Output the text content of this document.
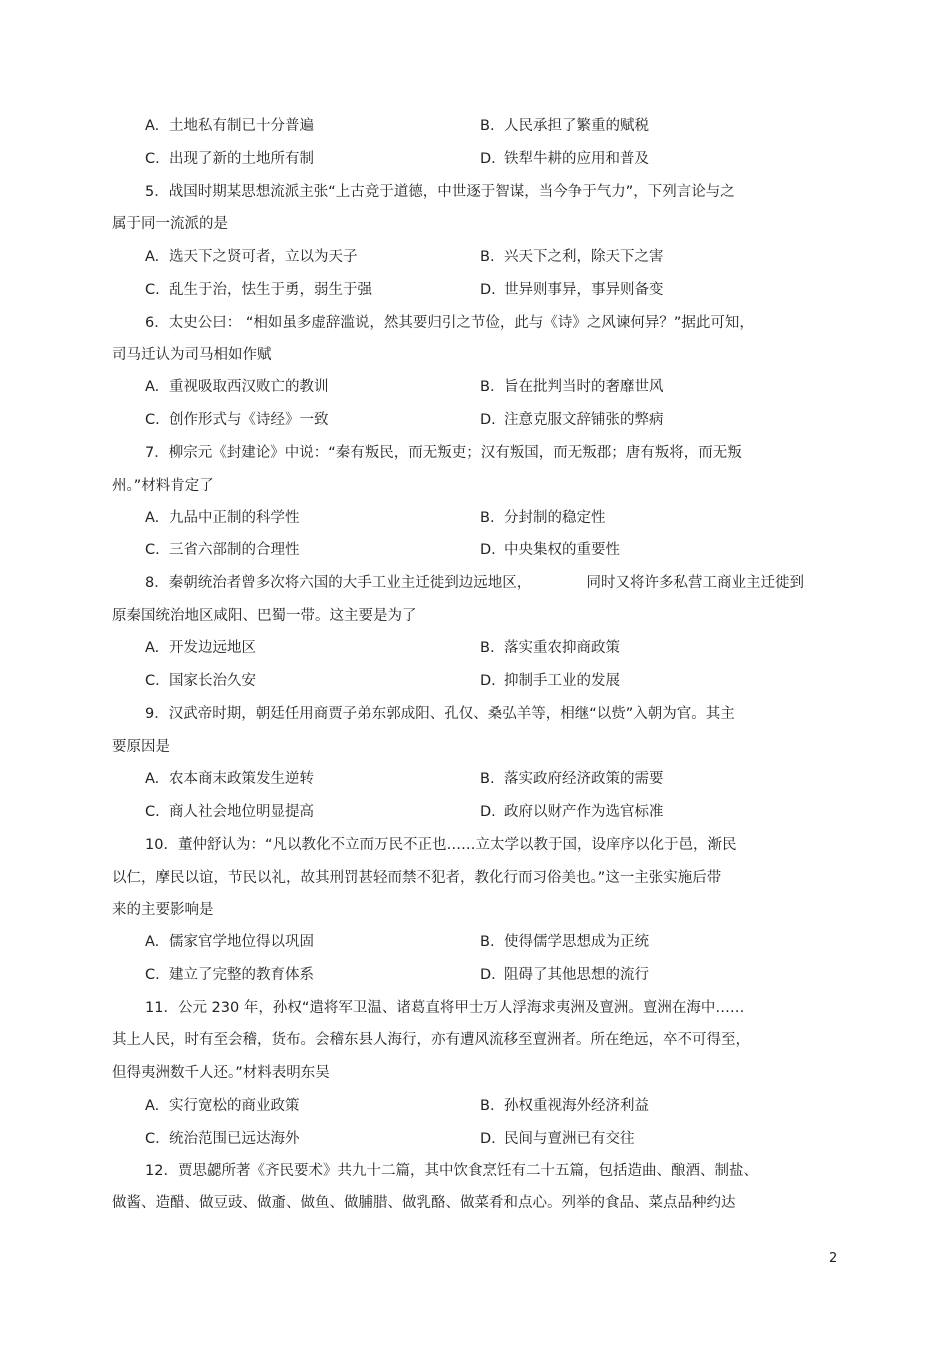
A. 土地私有制已十分普遍	B. 人民承担了繁重的赋税
C. 出现了新的土地所有制	D. 铁犁牛耕的应用和普及
5．战国时期某思想流派主张“上古竞于道德，中世逐于智谋，当今争于气力”，下列言论与之
属于同一流派的是
A. 选天下之贤可者，立以为天子	B. 兴天下之利，除天下之害
C. 乱生于治，怯生于勇，弱生于强	D. 世异则事异，事异则备变
6．太史公曰： “相如虽多虚辞滥说，然其要归引之节俭，此与《诗》之风谏何异？”据此可知，
司马迁认为司马相如作赋
A. 重视吸取西汉败亡的教训	B．旨在批判当时的奢靡世风
C. 创作形式与《诗经》一致	D. 注意克服文辞铺张的弊病
7．柳宗元《封建论》中说：“秦有叛民，而无叛吏；汉有叛国，而无叛郡；唐有叛将，而无叛
州。”材料肯定了
A. 九品中正制的科学性	B. 分封制的稳定性
C. 三省六部制的合理性	D. 中央集权的重要性
8．秦朝统治者曾多次将六国的大手工业主迁徙到边远地区，            同时又将许多私营工商业主迁徙到
原秦国统治地区咸阳、巴蜀一带。这主要是为了
A. 开发边远地区	B. 落实重农抑商政策
C. 国家长治久安	D. 抑制手工业的发展
9．汉武帝时期，朝廷任用商贾子弟东郭成阳、孔仅、桑弘羊等，相继“以赀”入朝为官。其主
要原因是
A. 农本商末政策发生逆转	B. 落实政府经济政策的需要
C. 商人社会地位明显提高	D. 政府以财产作为选官标准
10．董仲舒认为：“凡以教化不立而万民不正也……立太学以教于国，设庠序以化于邑，渐民
以仁，摩民以谊，节民以礼，故其刑罚甚轻而禁不犯者，教化行而习俗美也。”这一主张实施后带
来的主要影响是
A. 儒家官学地位得以巩固	B. 使得儒学思想成为正统
C. 建立了完整的教育体系	D. 阻碍了其他思想的流行
11．公元 230 年，孙权“遣将军卫温、诸葛直将甲士万人浮海求夷洲及亶洲。亶洲在海中……
其上人民，时有至会稽，货布。会稽东县人海行，亦有遭风流移至亶洲者。所在绝远，卒不可得至，
但得夷洲数千人还。”材料表明东吴
A. 实行宽松的商业政策	B. 孙权重视海外经济利益
C. 统治范围已远达海外	D. 民间与亶洲已有交往
12．贾思勰所著《齐民要术》共九十二篇，其中饮食烹饪有二十五篇，包括造曲、酿酒、制盐、
做酱、造醋、做豆豉、做齑、做鱼、做脯腊、做乳酪、做菜肴和点心。列举的食品、菜点品种约达
2
